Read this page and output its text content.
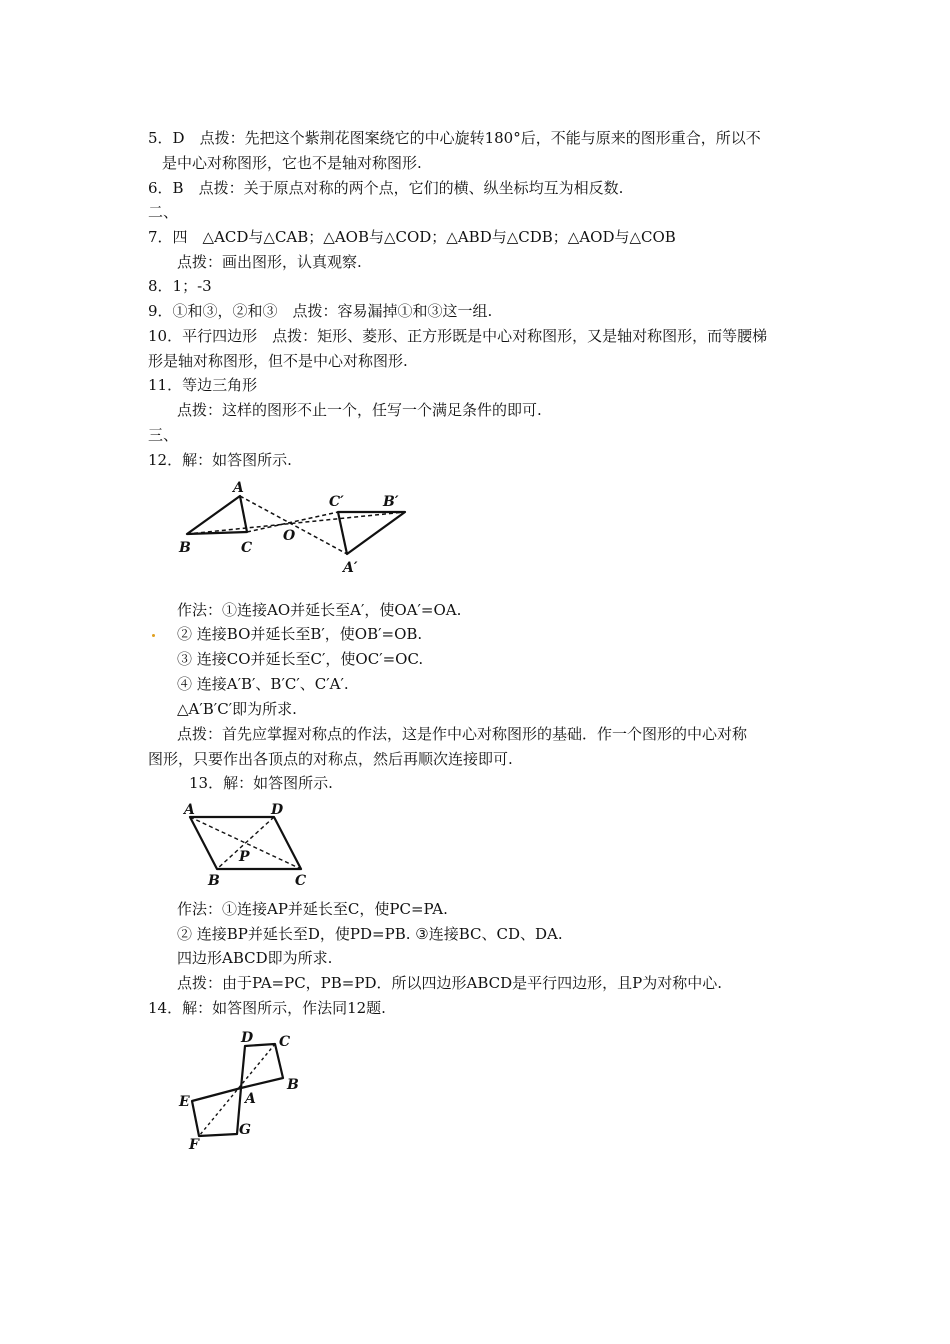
5．D　点拨：先把这个紫荆花图案绕它的中心旋转180°后，不能与原来的图形重合，所以不
是中心对称图形，它也不是轴对称图形.
6．B　点拨：关于原点对称的两个点，它们的横、纵坐标均互为相反数.
二、
7．四　△ACD与△CAB；△AOB与△COD；△ABD与△CDB；△AOD与△COB
点拨：画出图形，认真观察.
8．1；-3
9．①和③，②和③　点拨：容易漏掉①和③这一组.
10．平行四边形　点拨：矩形、菱形、正方形既是中心对称图形，又是轴对称图形，而等腰梯
形是轴对称图形，但不是中心对称图形.
11．等边三角形
点拨：这样的图形不止一个，任写一个满足条件的即可.
三、
12．解：如答图所示.
A
B	C
O
C′	B′
A′
作法：①连接AO并延长至A′，使OA′=OA.
② 连接BO并延长至B′，使OB′=OB.
③ 连接CO并延长至C′，使OC′=OC.
④ 连接A′B′、B′C′、C′A′.
△A′B′C′即为所求.
点拨：首先应掌握对称点的作法，这是作中心对称图形的基础．作一个图形的中心对称
图形，只要作出各顶点的对称点，然后再顺次连接即可.
13．解：如答图所示.
A	D
B	C
P
作法：①连接AP并延长至C，使PC=PA.
② 连接BP并延长至D，使PD=PB. ③连接BC、CD、DA.
四边形ABCD即为所求.
点拨：由于PA=PC，PB=PD．所以四边形ABCD是平行四边形，且P为对称中心.
14．解：如答图所示，作法同12题.
D C
B
A
E
F
G
